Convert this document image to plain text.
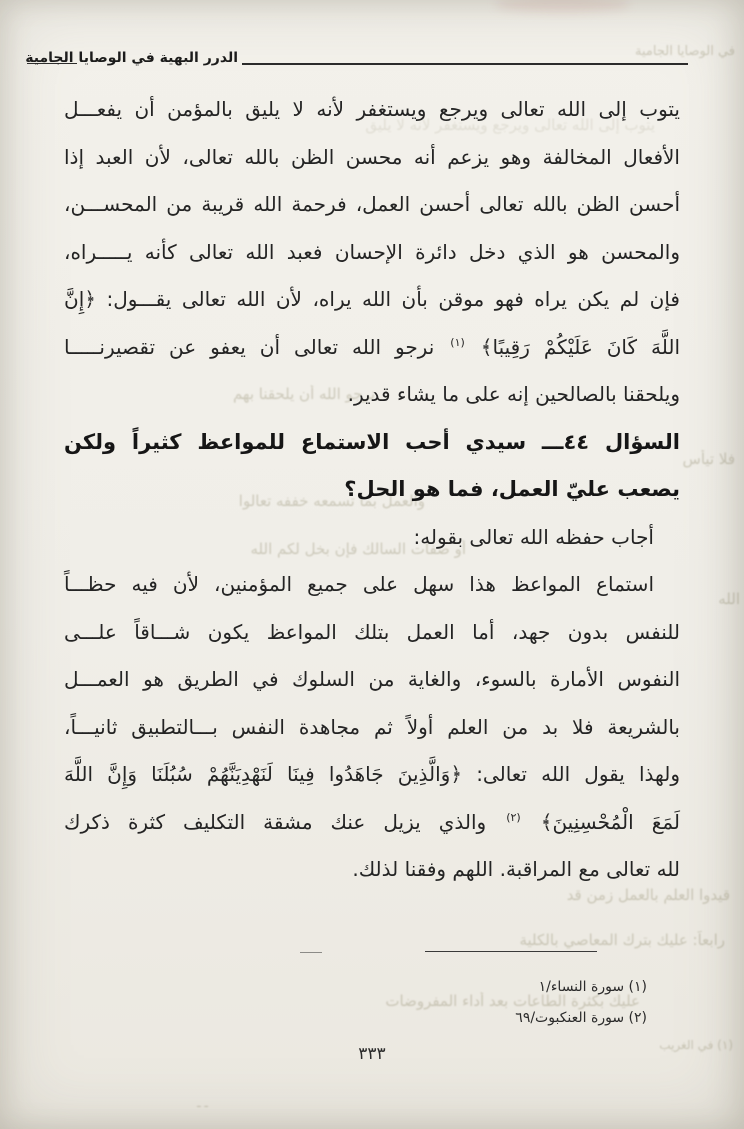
في الوصايا الجامية
يتوب إلى الله تعالى ويرجع ويستغفر لأنه لا يليق
نرجو الله أن يلحقنا بهم
فلا تيأس
والعمل بما تسمعه خففه تعالوا
أو صفات السالك فإن بخل لكم الله
الله
قيدوا العلم بالعمل زمن قد
رابعاً: عليك بترك المعاصي بالكلية
عليك بكثرة الطاعات بعد أداء المفروضات
(١) في الغريب
ـ ـ
الدرر البهية في الوصايا الجامية

يتوب إلى الله تعالى ويرجع ويستغفر لأنه لا يليق بالمؤمن أن يفعـــل

الأفعال المخالفة وهو يزعم أنه محسن الظن بالله تعالى، لأن العبد إذا

أحسن الظن بالله تعالى أحسن العمل، فرحمة الله قريبة من المحســـن،

والمحسن هو الذي دخل دائرة الإحسان فعبد الله تعالى كأنه يـــــراه،

فإن لم يكن يراه فهو موقن بأن الله يراه، لأن الله تعالى يقـــول: ﴿إِنَّ

اللَّهَ كَانَ عَلَيْكُمْ رَقِيبًا﴾ $^{(١)}$ نرجو الله تعالى أن يعفو عن تقصيرنـــــا

ويلحقنا بالصالحين إنه على ما يشاء قدير.

السؤال ٤٤ـــ سيدي أحب الاستماع للمواعظ كثيراً ولكن

يصعب عليّ العمل، فما هو الحل؟

أجاب حفظه الله تعالى بقوله:

استماع المواعظ هذا سهل على جميع المؤمنين، لأن فيه حظـــاً

للنفس بدون جهد، أما العمل بتلك المواعظ يكون شـــاقاً علـــى

النفوس الأمارة بالسوء، والغاية من السلوك في الطريق هو العمـــل

بالشريعة فلا بد من العلم أولاً ثم مجاهدة النفس بـــالتطبيق ثانيـــاً،

ولهذا يقول الله تعالى: ﴿وَالَّذِينَ جَاهَدُوا فِينَا لَنَهْدِيَنَّهُمْ سُبُلَنَا وَإِنَّ اللَّهَ

لَمَعَ الْمُحْسِنِينَ﴾ $^{(٢)}$ والذي يزيل عنك مشقة التكليف كثرة ذكرك

لله تعالى مع المراقبة. اللهم وفقنا لذلك.

(١) سورة النساء/١

(٢) سورة العنكبوت/٦٩

٣٣٣
